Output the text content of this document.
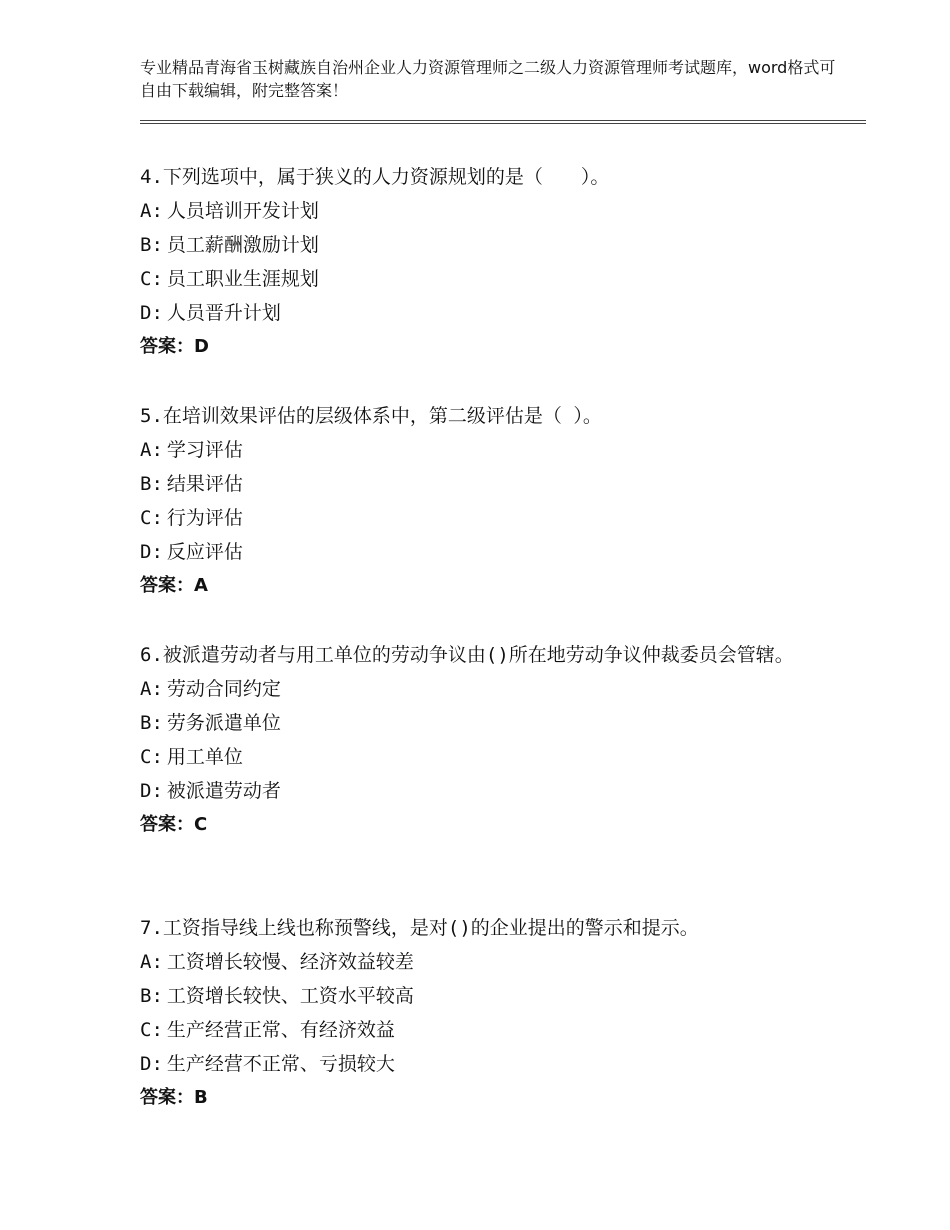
专业精品青海省玉树藏族自治州企业人力资源管理师之二级人力资源管理师考试题库，word格式可自由下载编辑，附完整答案！

4.下列选项中，属于狭义的人力资源规划的是（　　）。

A: 人员培训开发计划

B: 员工薪酬激励计划

C: 员工职业生涯规划

D: 人员晋升计划

答案：D

5.在培训效果评估的层级体系中，第二级评估是（ ）。

A: 学习评估

B: 结果评估

C: 行为评估

D: 反应评估

答案：A

6.被派遣劳动者与用工单位的劳动争议由()所在地劳动争议仲裁委员会管辖。

A: 劳动合同约定

B: 劳务派遣单位

C: 用工单位

D: 被派遣劳动者

答案：C

7.工资指导线上线也称预警线，是对()的企业提出的警示和提示。

A: 工资增长较慢、经济效益较差

B: 工资增长较快、工资水平较高

C: 生产经营正常、有经济效益

D: 生产经营不正常、亏损较大

答案：B
